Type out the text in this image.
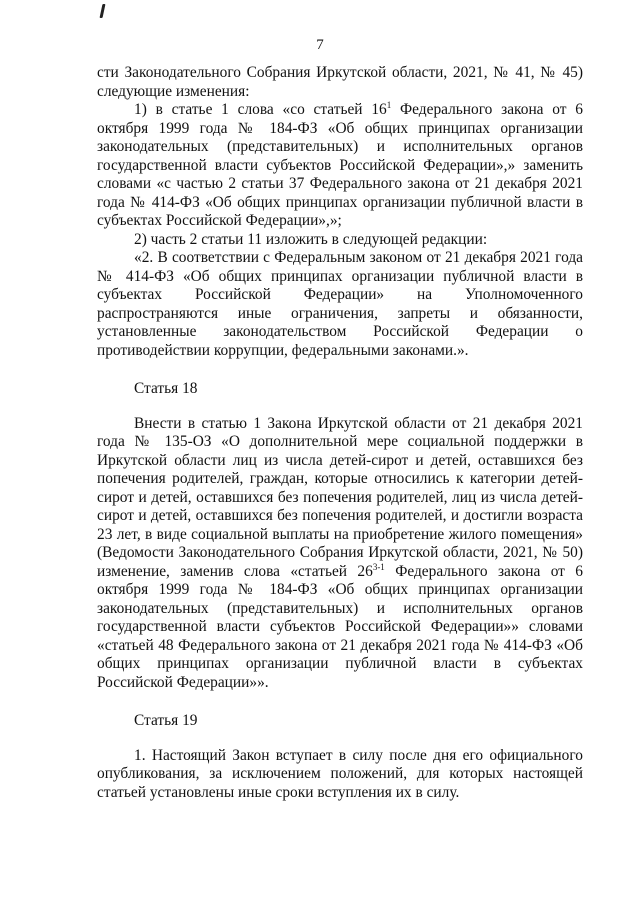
7

сти Законодательного Собрания Иркутской области, 2021, № 41, № 45) следующие изменения:

1) в статье 1 слова «со статьей $16^1$ Федерального закона от 6 октября 1999 года № 184-ФЗ «Об общих принципах организации законодательных (представительных) и исполнительных органов государственной власти субъектов Российской Федерации»,» заменить словами «с частью 2 статьи 37 Федерального закона от 21 декабря 2021 года № 414-ФЗ «Об общих принципах организации публичной власти в субъектах Российской Федерации»,»;

2) часть 2 статьи 11 изложить в следующей редакции:

«2. В соответствии с Федеральным законом от 21 декабря 2021 года № 414-ФЗ «Об общих принципах организации публичной власти в субъектах Российской Федерации» на Уполномоченного распространяются иные ограничения, запреты и обязанности, установленные законодательством Российской Федерации о противодействии коррупции, федеральными законами.».

Статья 18

Внести в статью 1 Закона Иркутской области от 21 декабря 2021 года № 135-ОЗ «О дополнительной мере социальной поддержки в Иркутской области лиц из числа детей-сирот и детей, оставшихся без попечения родителей, граждан, которые относились к категории детей-сирот и детей, оставшихся без попечения родителей, лиц из числа детей-сирот и детей, оставшихся без попечения родителей, и достигли возраста 23 лет, в виде социальной выплаты на приобретение жилого помещения» (Ведомости Законодательного Собрания Иркутской области, 2021, № 50) изменение, заменив слова «статьей 26$^{3-1}$ Федерального закона от 6 октября 1999 года № 184-ФЗ «Об общих принципах организации законодательных (представительных) и исполнительных органов государственной власти субъектов Российской Федерации»» словами «статьей 48 Федерального закона от 21 декабря 2021 года № 414-ФЗ «Об общих принципах организации публичной власти в субъектах Российской Федерации»».

Статья 19

1. Настоящий Закон вступает в силу после дня его официального опубликования, за исключением положений, для которых настоящей статьей установлены иные сроки вступления их в силу.
